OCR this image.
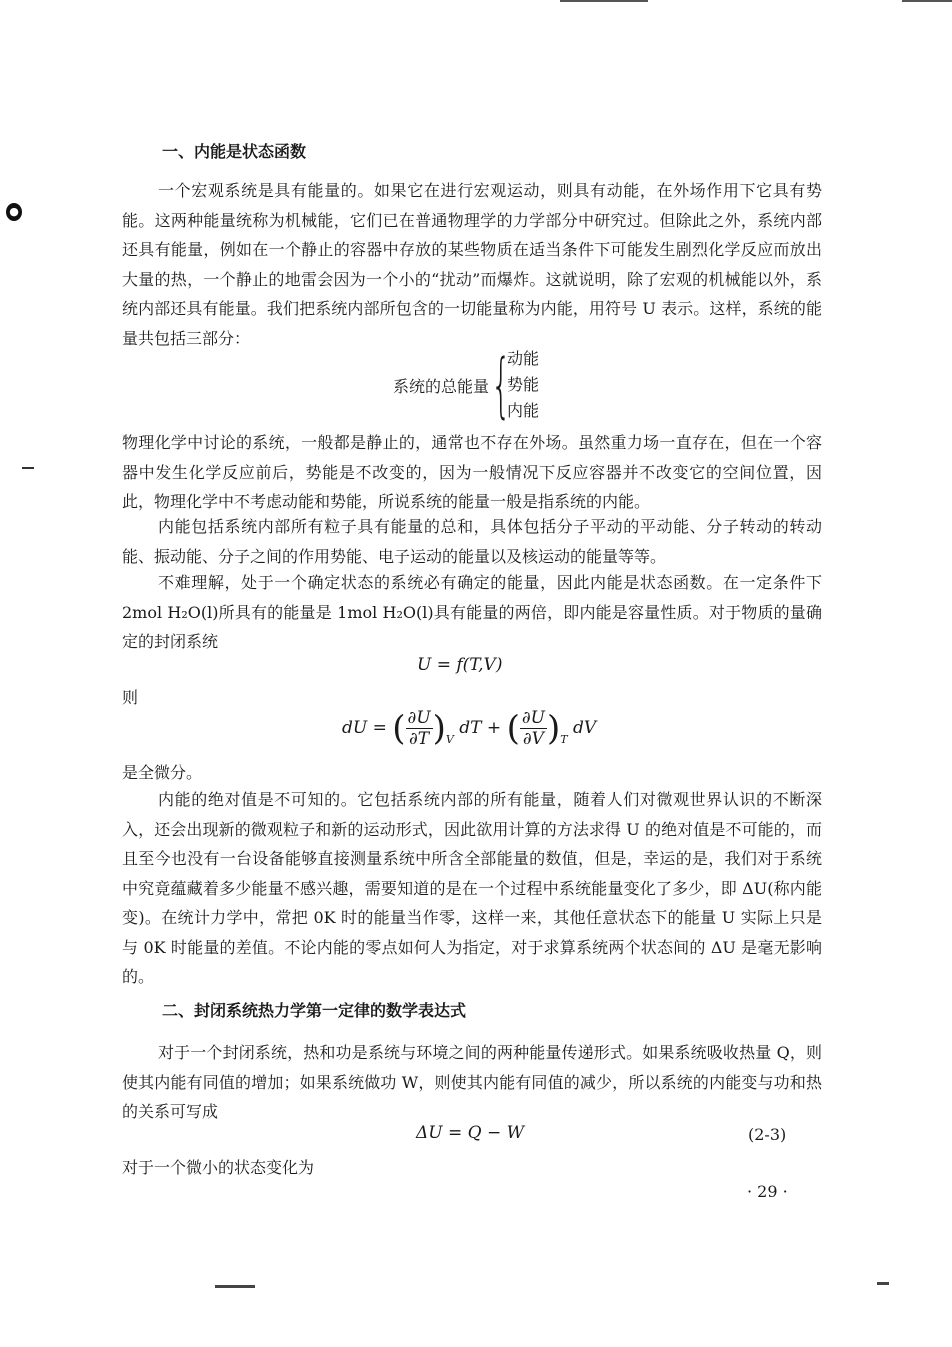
●
一、内能是状态函数

一个宏观系统是具有能量的。如果它在进行宏观运动，则具有动能，在外场作用下它具有势能。这两种能量统称为机械能，它们已在普通物理学的力学部分中研究过。但除此之外，系统内部还具有能量，例如在一个静止的容器中存放的某些物质在适当条件下可能发生剧烈化学反应而放出大量的热，一个静止的地雷会因为一个小的“扰动”而爆炸。这就说明，除了宏观的机械能以外，系统内部还具有能量。我们把系统内部所包含的一切能量称为内能，用符号 U 表示。这样，系统的能量共包括三部分：

系统的总能量 {
动能
势能
内能

物理化学中讨论的系统，一般都是静止的，通常也不存在外场。虽然重力场一直存在，但在一个容器中发生化学反应前后，势能是不改变的，因为一般情况下反应容器并不改变它的空间位置，因此，物理化学中不考虑动能和势能，所说系统的能量一般是指系统的内能。

内能包括系统内部所有粒子具有能量的总和，具体包括分子平动的平动能、分子转动的转动能、振动能、分子之间的作用势能、电子运动的能量以及核运动的能量等等。

不难理解，处于一个确定状态的系统必有确定的能量，因此内能是状态函数。在一定条件下 2mol H₂O(l)所具有的能量是 1mol H₂O(l)具有能量的两倍，即内能是容量性质。对于物质的量确定的封闭系统

U = f(T,V)

则

dU = ( $\frac{\partial U}{\partial T} )_V$ dT + ( $\frac{\partial U}{\partial V} )_T$ dV

是全微分。

内能的绝对值是不可知的。它包括系统内部的所有能量，随着人们对微观世界认识的不断深入，还会出现新的微观粒子和新的运动形式，因此欲用计算的方法求得 U 的绝对值是不可能的，而且至今也没有一台设备能够直接测量系统中所含全部能量的数值，但是，幸运的是，我们对于系统中究竟蕴藏着多少能量不感兴趣，需要知道的是在一个过程中系统能量变化了多少，即 ΔU(称内能变)。在统计力学中，常把 0K 时的能量当作零，这样一来，其他任意状态下的能量 U 实际上只是与 0K 时能量的差值。不论内能的零点如何人为指定，对于求算系统两个状态间的 ΔU 是毫无影响的。

二、封闭系统热力学第一定律的数学表达式

对于一个封闭系统，热和功是系统与环境之间的两种能量传递形式。如果系统吸收热量 Q，则使其内能有同值的增加；如果系统做功 W，则使其内能有同值的减少，所以系统的内能变与功和热的关系可写成

ΔU = Q − W	(2-3)

对于一个微小的状态变化为

· 29 ·
